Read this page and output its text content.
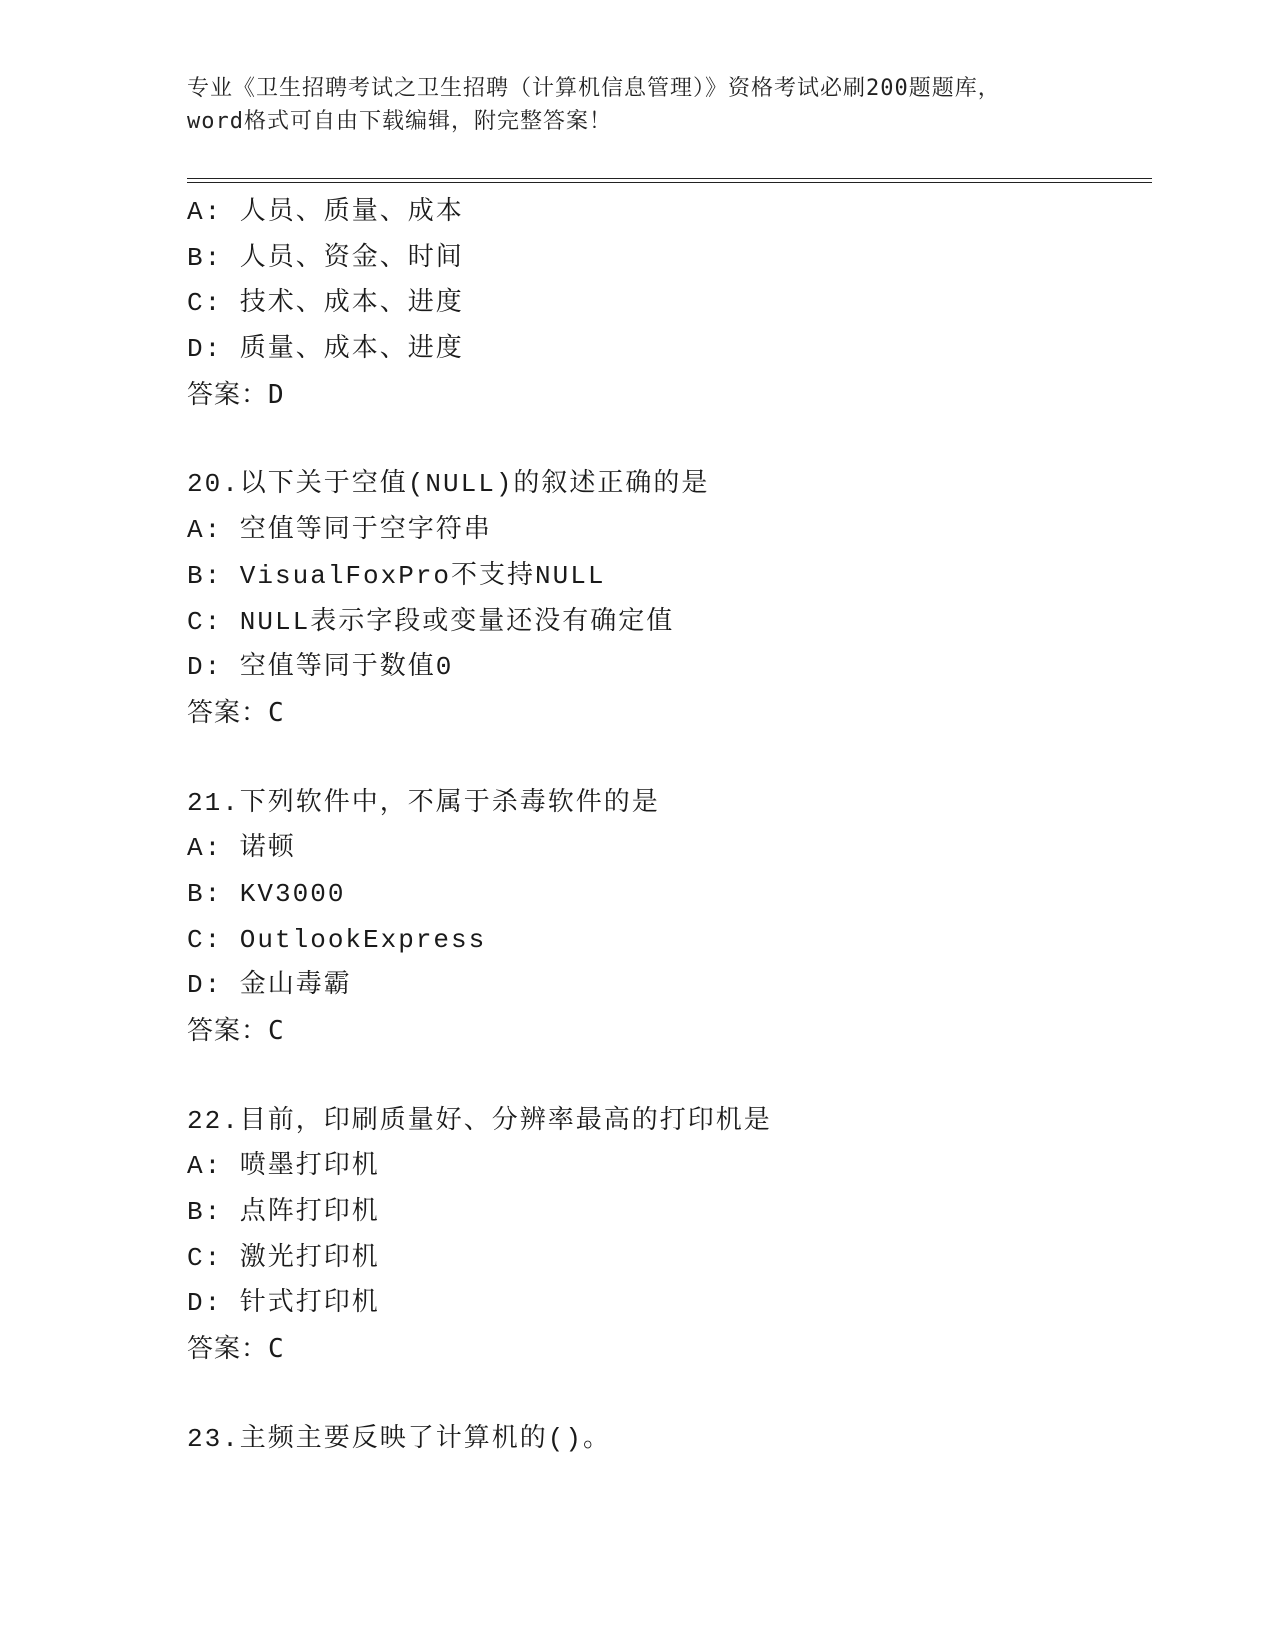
专业《卫生招聘考试之卫生招聘（计算机信息管理）》资格考试必刷200题题库，
word格式可自由下载编辑，附完整答案！
A: 人员、质量、成本
B: 人员、资金、时间
C: 技术、成本、进度
D: 质量、成本、进度
答案：D
20.以下关于空值(NULL)的叙述正确的是
A: 空值等同于空字符串
B: VisualFoxPro不支持NULL
C: NULL表示字段或变量还没有确定值
D: 空值等同于数值0
答案：C
21.下列软件中，不属于杀毒软件的是
A: 诺顿
B: KV3000
C: OutlookExpress
D: 金山毒霸
答案：C
22.目前，印刷质量好、分辨率最高的打印机是
A: 喷墨打印机
B: 点阵打印机
C: 激光打印机
D: 针式打印机
答案：C
23.主频主要反映了计算机的()。
